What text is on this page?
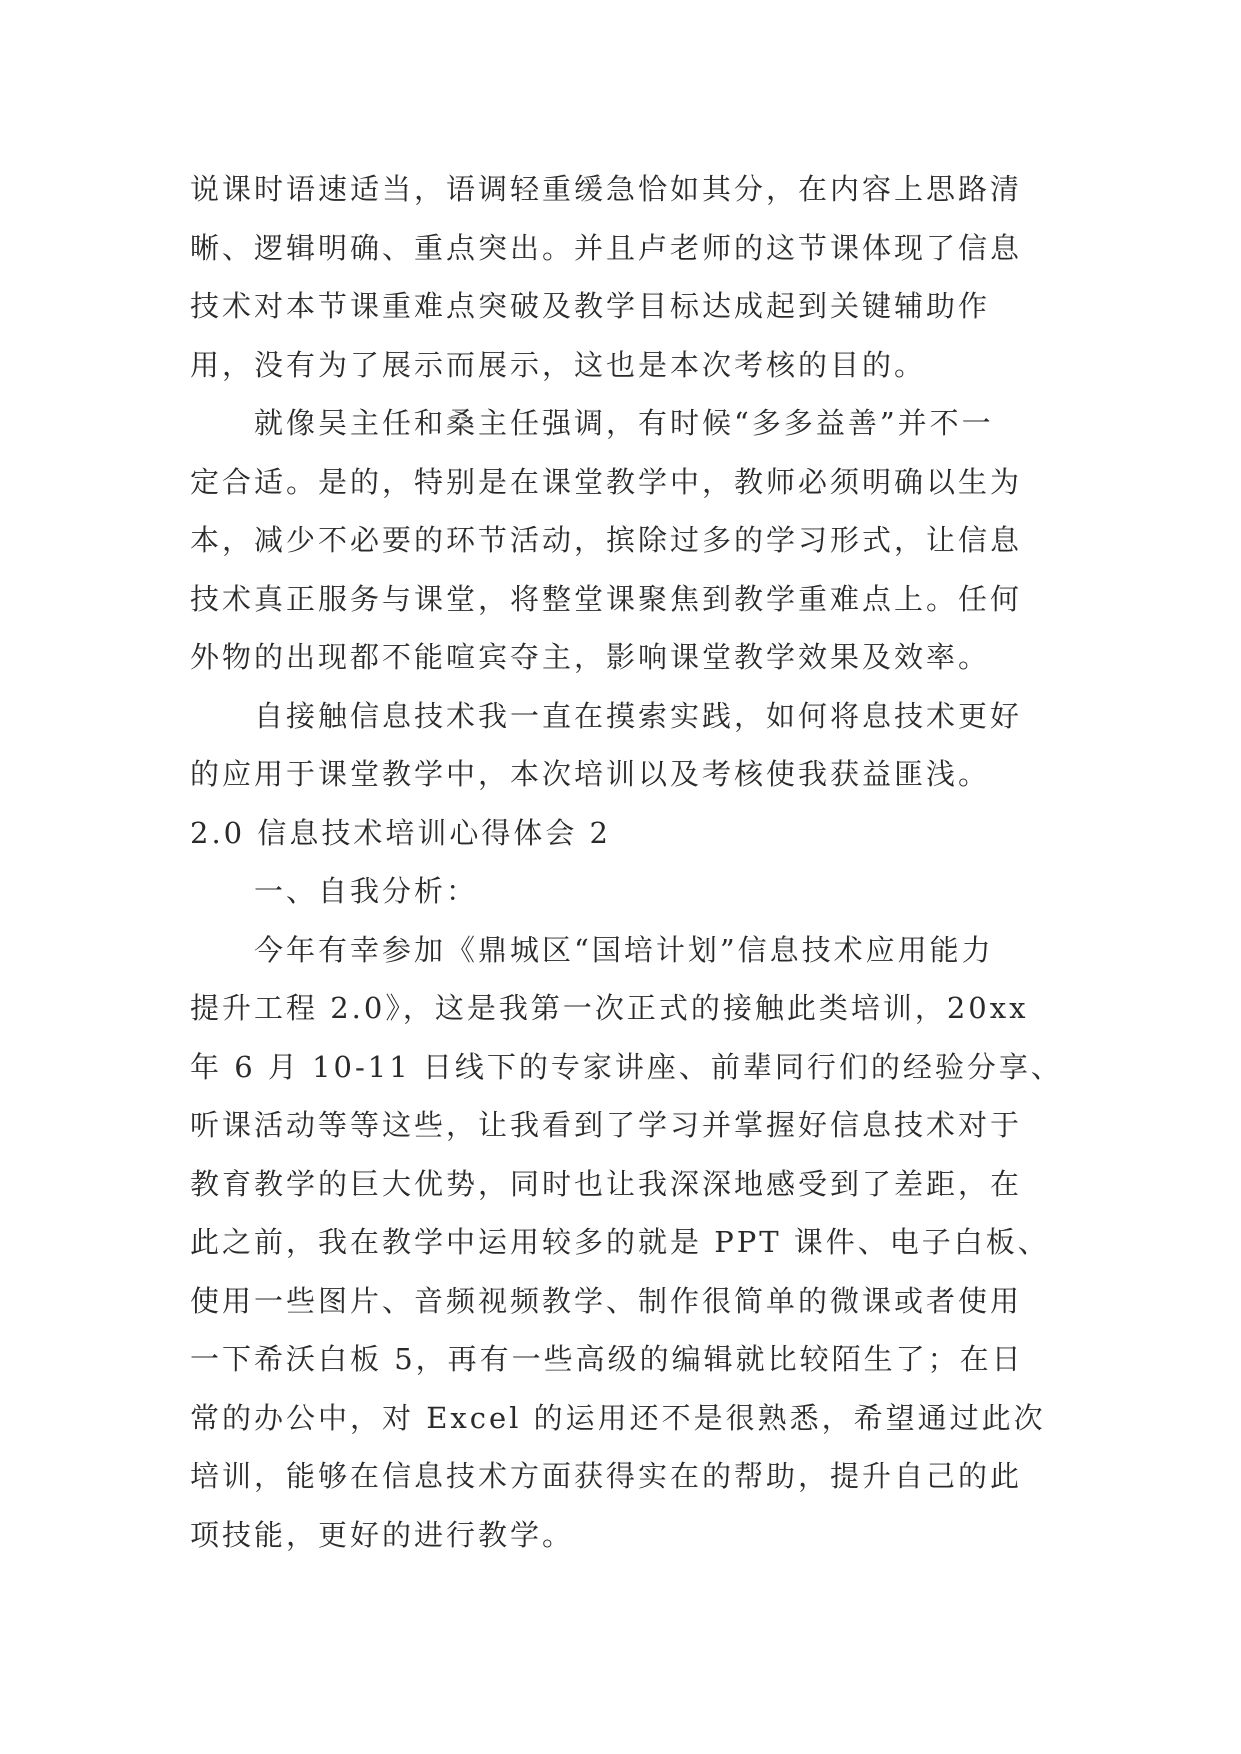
说课时语速适当，语调轻重缓急恰如其分，在内容上思路清
晰、逻辑明确、重点突出。并且卢老师的这节课体现了信息
技术对本节课重难点突破及教学目标达成起到关键辅助作
用，没有为了展示而展示，这也是本次考核的目的。
就像吴主任和桑主任强调，有时候“多多益善”并不一
定合适。是的，特别是在课堂教学中，教师必须明确以生为
本，减少不必要的环节活动，摈除过多的学习形式，让信息
技术真正服务与课堂，将整堂课聚焦到教学重难点上。任何
外物的出现都不能喧宾夺主，影响课堂教学效果及效率。
自接触信息技术我一直在摸索实践，如何将息技术更好
的应用于课堂教学中，本次培训以及考核使我获益匪浅。
2.0 信息技术培训心得体会 2
一、自我分析：
今年有幸参加《鼎城区“国培计划”信息技术应用能力
提升工程 2.0》，这是我第一次正式的接触此类培训，20xx
年 6 月 10-11 日线下的专家讲座、前辈同行们的经验分享、
听课活动等等这些，让我看到了学习并掌握好信息技术对于
教育教学的巨大优势，同时也让我深深地感受到了差距，在
此之前，我在教学中运用较多的就是 PPT 课件、电子白板、
使用一些图片、音频视频教学、制作很简单的微课或者使用
一下希沃白板 5，再有一些高级的编辑就比较陌生了；在日
常的办公中，对 Excel 的运用还不是很熟悉，希望通过此次
培训，能够在信息技术方面获得实在的帮助，提升自己的此
项技能，更好的进行教学。
